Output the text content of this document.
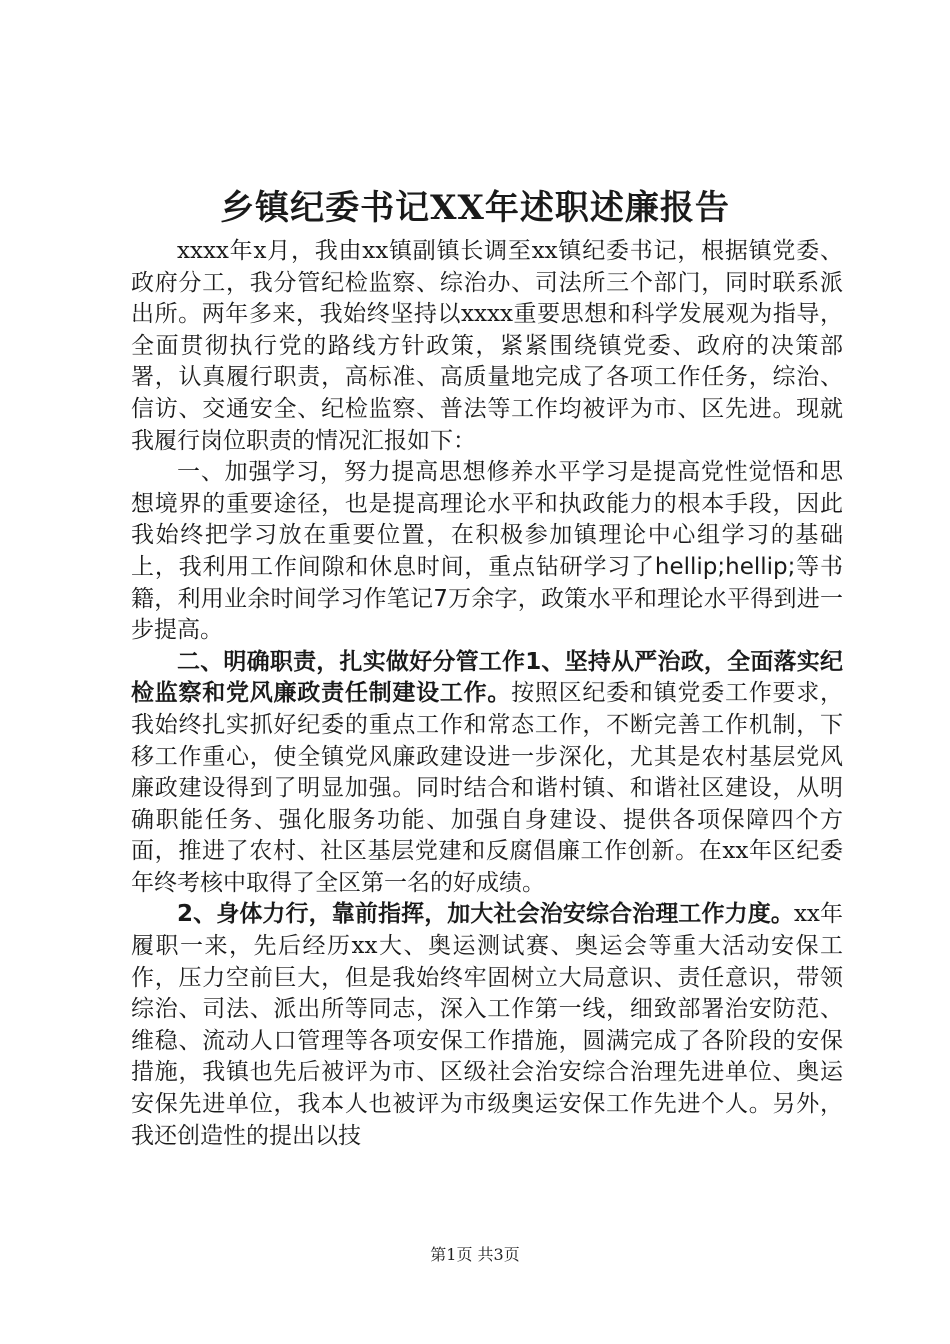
乡镇纪委书记XX年述职述廉报告

xxxx年x月，我由xx镇副镇长调至xx镇纪委书记，根据镇党委、政府分工，我分管纪检监察、综治办、司法所三个部门，同时联系派出所。两年多来，我始终坚持以xxxx重要思想和科学发展观为指导，全面贯彻执行党的路线方针政策，紧紧围绕镇党委、政府的决策部署，认真履行职责，高标准、高质量地完成了各项工作任务，综治、信访、交通安全、纪检监察、普法等工作均被评为市、区先进。现就我履行岗位职责的情况汇报如下：

一、加强学习，努力提高思想修养水平学习是提高党性觉悟和思想境界的重要途径，也是提高理论水平和执政能力的根本手段，因此我始终把学习放在重要位置，在积极参加镇理论中心组学习的基础上，我利用工作间隙和休息时间，重点钻研学习了hellip;hellip;等书籍，利用业余时间学习作笔记7万余字，政策水平和理论水平得到进一步提高。

二、明确职责，扎实做好分管工作1、坚持从严治政，全面落实纪检监察和党风廉政责任制建设工作。按照区纪委和镇党委工作要求，我始终扎实抓好纪委的重点工作和常态工作，不断完善工作机制，下移工作重心，使全镇党风廉政建设进一步深化，尤其是农村基层党风廉政建设得到了明显加强。同时结合和谐村镇、和谐社区建设，从明确职能任务、强化服务功能、加强自身建设、提供各项保障四个方面，推进了农村、社区基层党建和反腐倡廉工作创新。在xx年区纪委年终考核中取得了全区第一名的好成绩。

2、身体力行，靠前指挥，加大社会治安综合治理工作力度。xx年履职一来，先后经历xx大、奥运测试赛、奥运会等重大活动安保工作，压力空前巨大，但是我始终牢固树立大局意识、责任意识，带领综治、司法、派出所等同志，深入工作第一线，细致部署治安防范、维稳、流动人口管理等各项安保工作措施，圆满完成了各阶段的安保措施，我镇也先后被评为市、区级社会治安综合治理先进单位、奥运安保先进单位，我本人也被评为市级奥运安保工作先进个人。另外，我还创造性的提出以技

第1页 共3页
